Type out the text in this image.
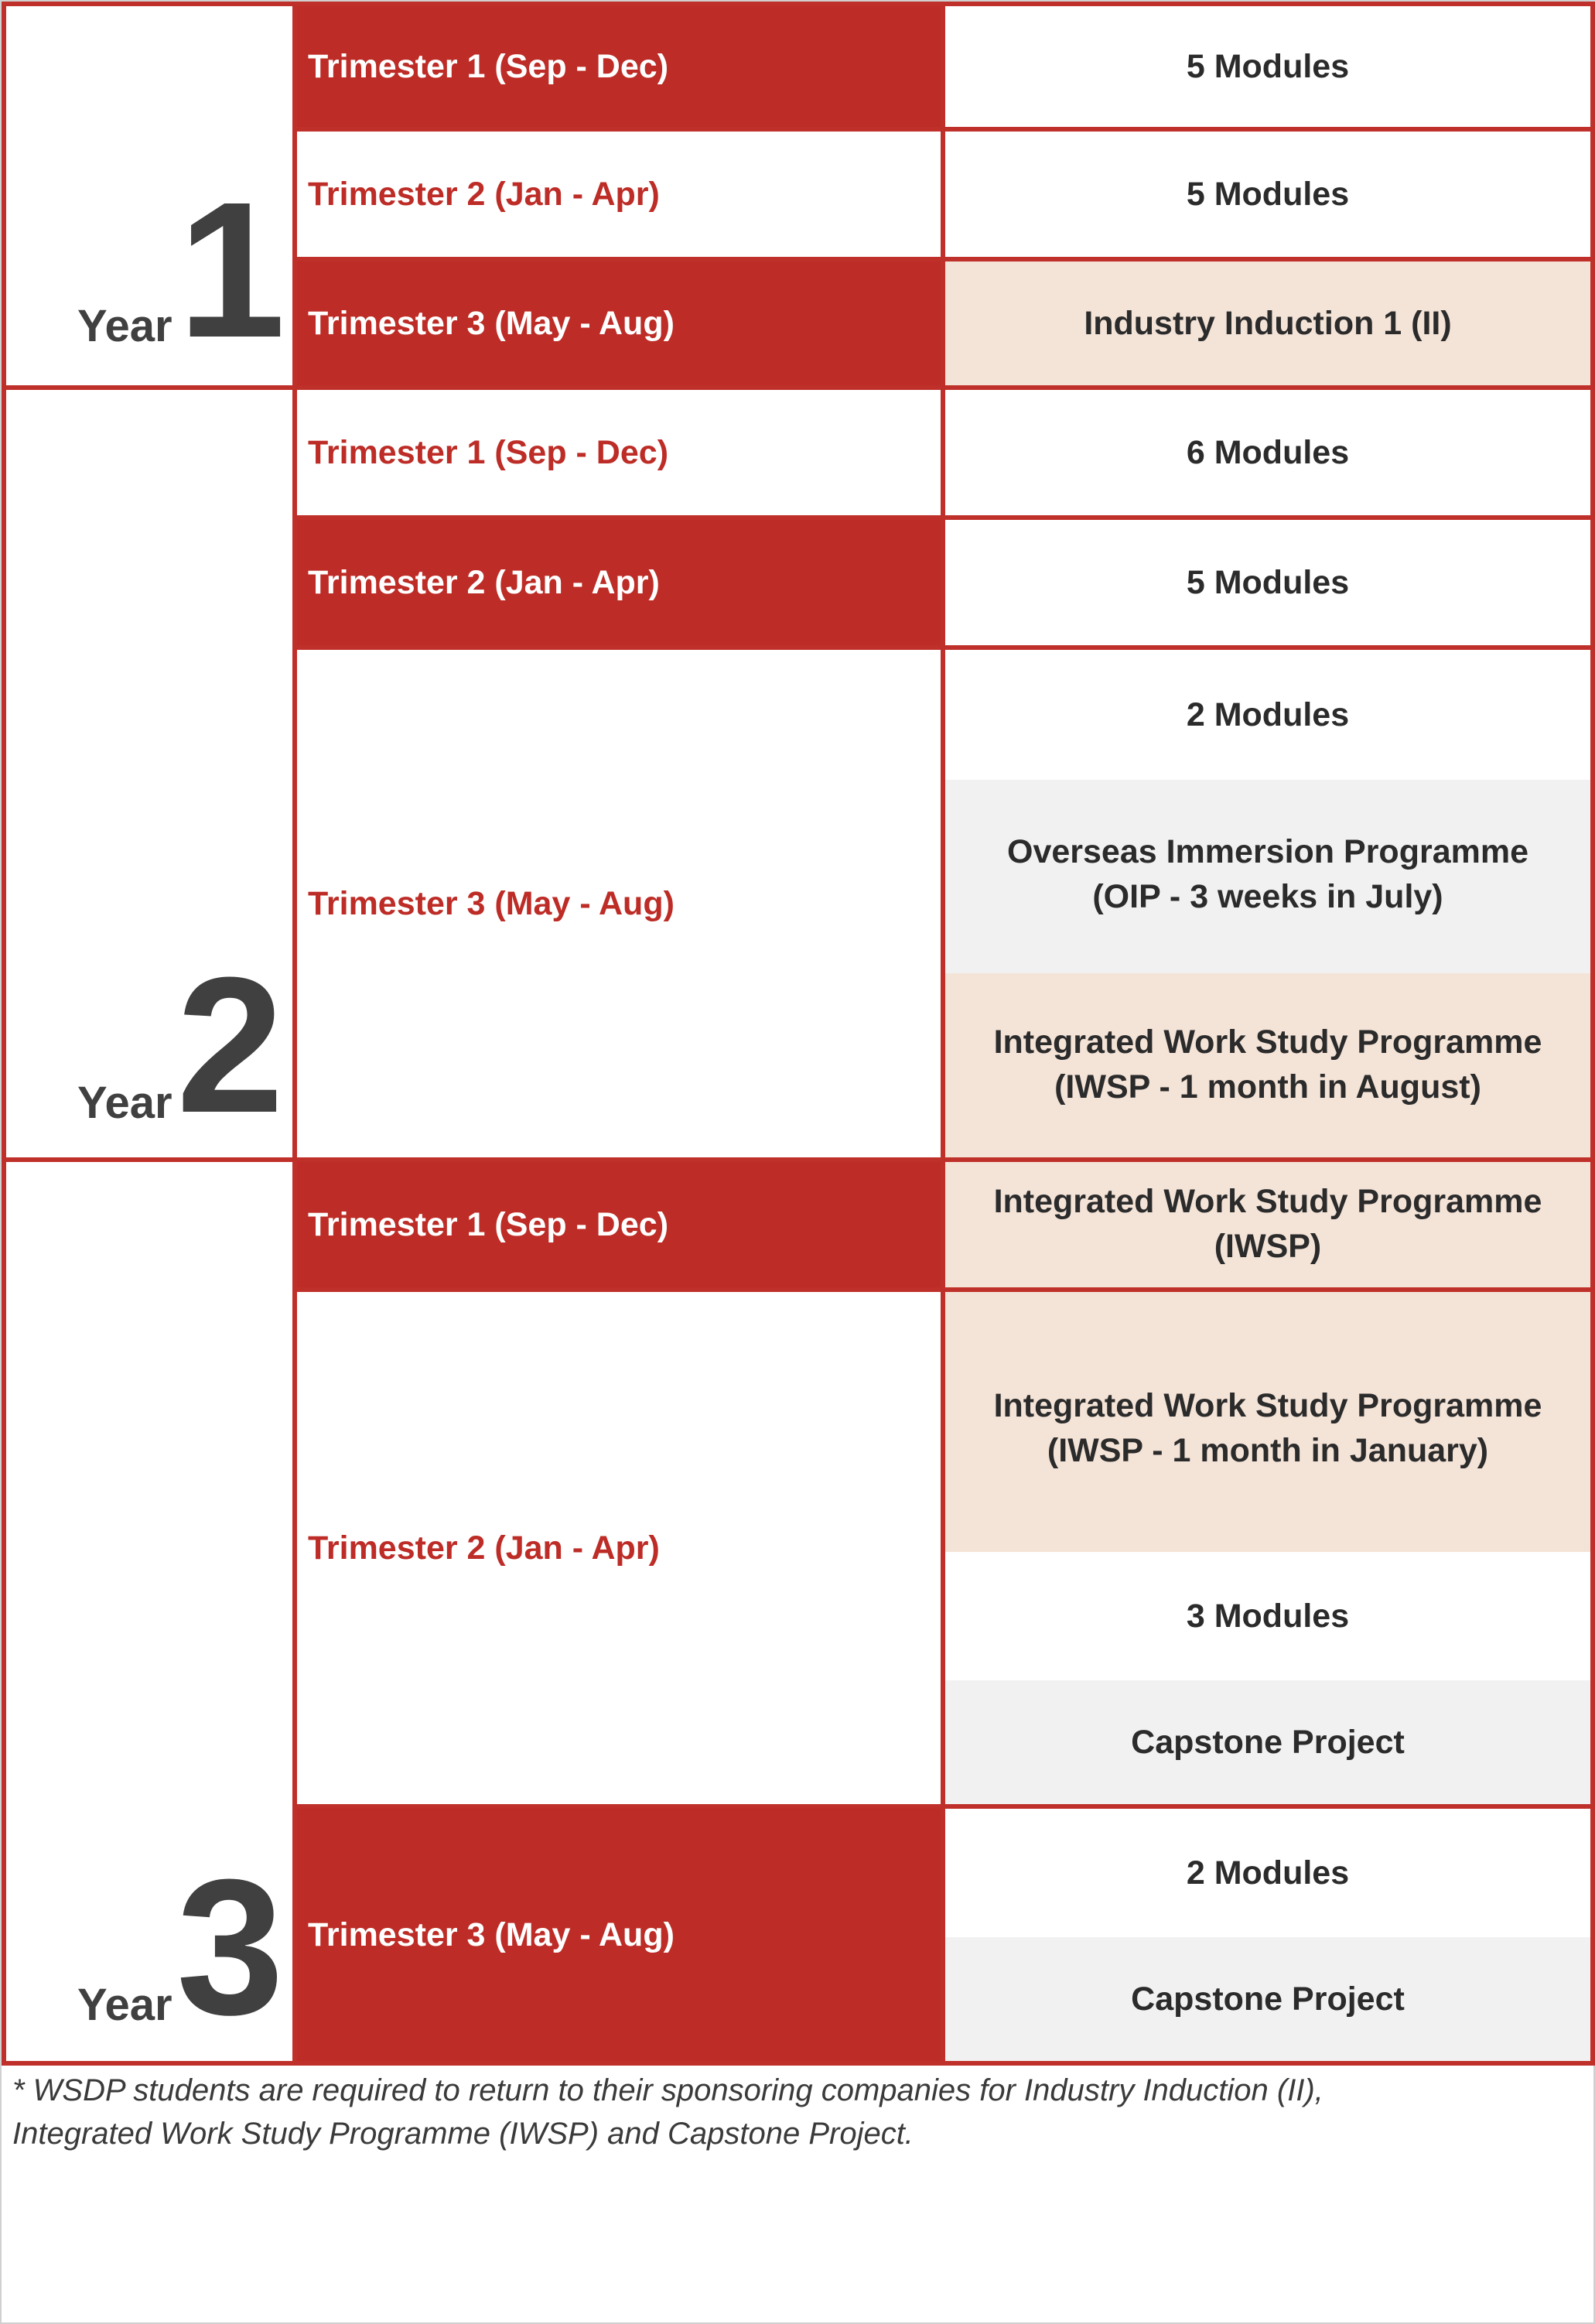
Year 1
Trimester 1 (Sep - Dec)
Trimester 2 (Jan - Apr)
Trimester 3 (May - Aug)
5 Modules
5 Modules
Industry Induction 1 (II)
Year 2
Trimester 1 (Sep - Dec)
Trimester 2 (Jan - Apr)
Trimester 3 (May - Aug)
6 Modules
5 Modules
2 Modules
Overseas Immersion Programme
(OIP - 3 weeks in July)
Integrated Work Study Programme
(IWSP - 1 month in August)
Year 3
Trimester 1 (Sep - Dec)
Trimester 2 (Jan - Apr)
Trimester 3 (May - Aug)
Integrated Work Study Programme
(IWSP)
Integrated Work Study Programme
(IWSP - 1 month in January)
3 Modules
Capstone Project
2 Modules
Capstone Project
* WSDP students are required to return to their sponsoring companies for Industry Induction (II),
Integrated Work Study Programme (IWSP) and Capstone Project.
